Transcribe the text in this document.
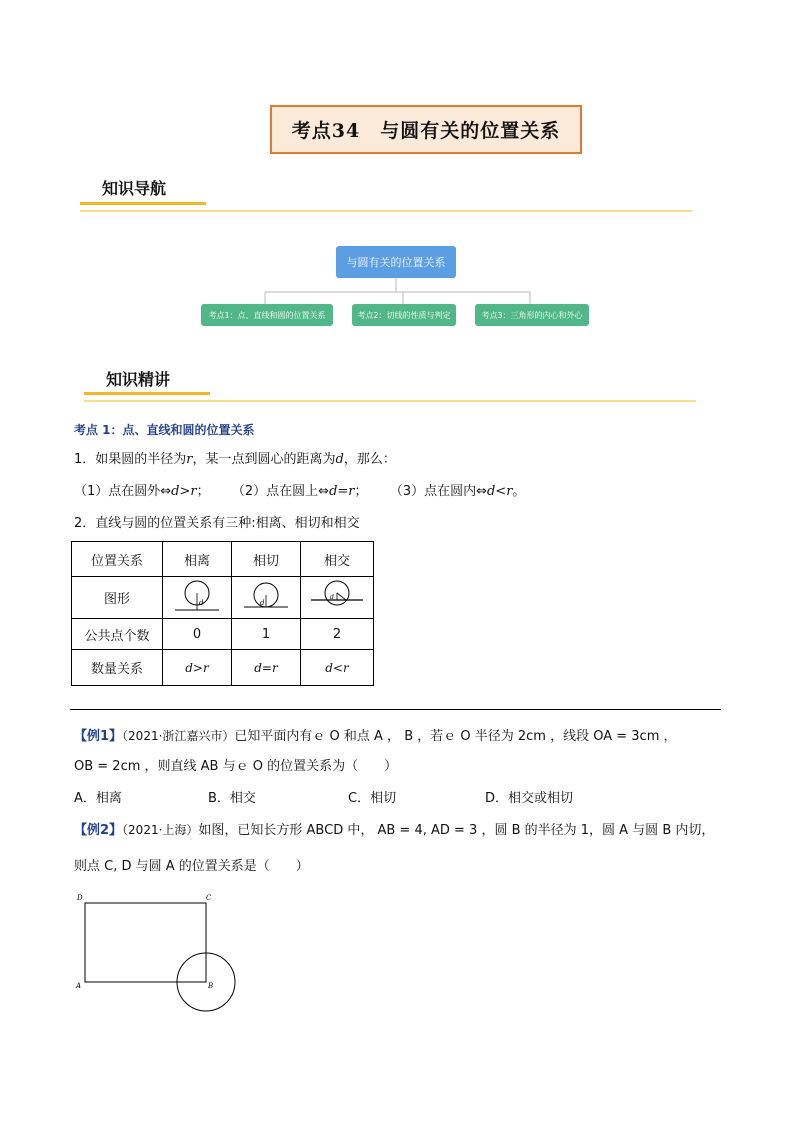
考点34　与圆有关的位置关系
知识导航
与圆有关的位置关系
考点1：点、直线和圆的位置关系	考点2：切线的性质与判定	考点3：三角形的内心和外心
知识精讲
考点 1：点、直线和圆的位置关系
1．如果圆的半径为r，某一点到圆心的距离为d，那么：
（1）点在圆外⇔d>r； （2）点在圆上⇔d=r； （3）点在圆内⇔d<r。
2．直线与圆的位置关系有三种:相离、相切和相交
位置关系	相离	相切	相交
图形	d	d	d

公共点个数	0	1	2
数量关系	d>r	d=r	d<r
【例1】（2021·浙江嘉兴市）已知平面内有ｅ O 和点 A ， B ，若ｅ O 半径为 2cm ，线段 OA = 3cm ，
OB = 2cm ，则直线 AB 与ｅ O 的位置关系为（　　）
A．相离	B．相交	C．相切	D．相交或相切
【例2】（2021·上海）如图，已知长方形 ABCD 中， AB = 4, AD = 3 ，圆 B 的半径为 1，圆 A 与圆 B 内切，
则点 C, D 与圆 A 的位置关系是（　　）
D	C
A	B
